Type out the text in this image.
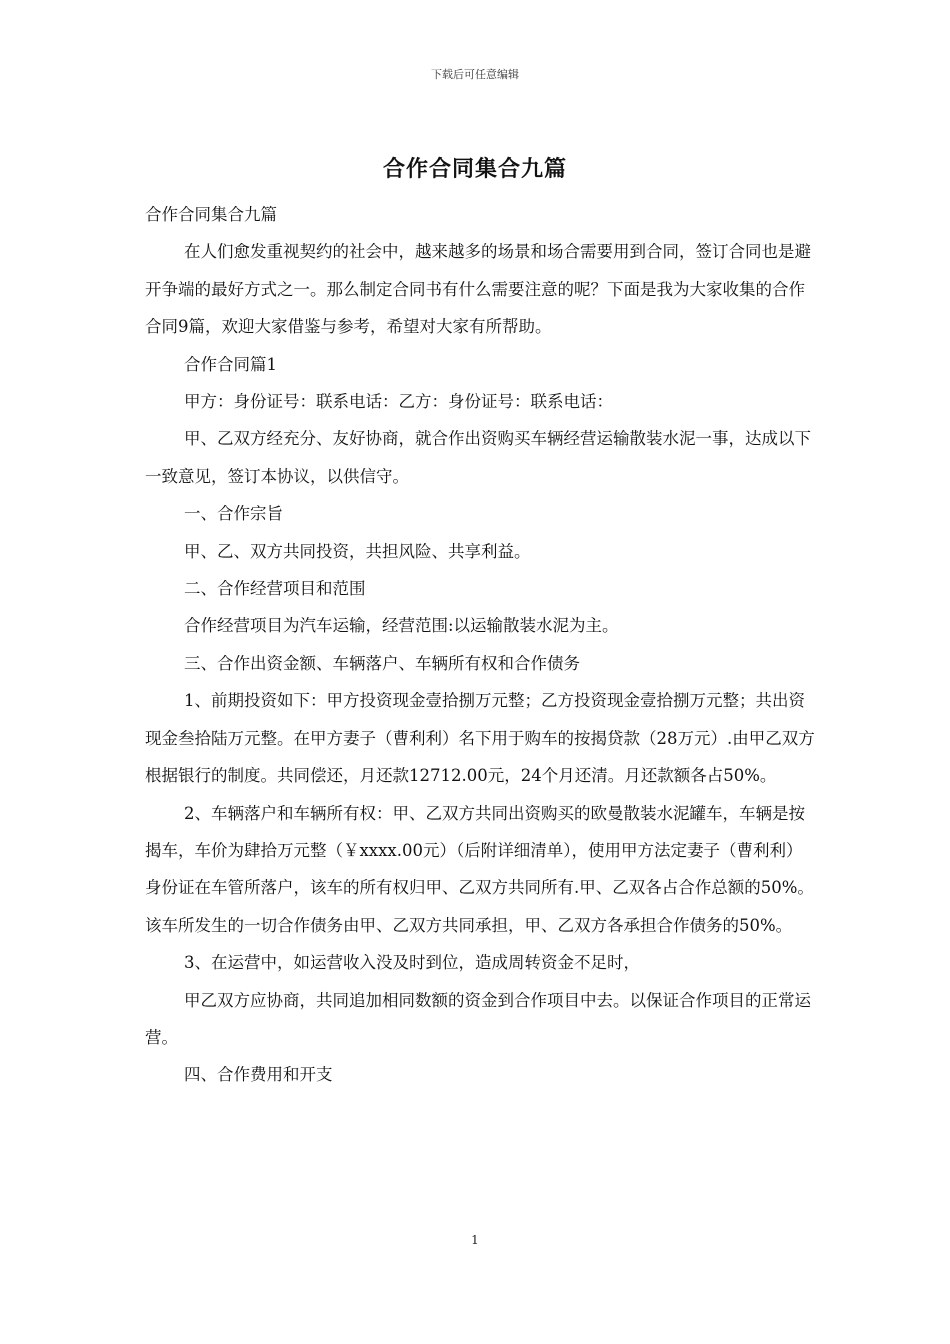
下载后可任意编辑
合作合同集合九篇

合作合同集合九篇

在人们愈发重视契约的社会中，越来越多的场景和场合需要用到合同，签订合同也是避开争端的最好方式之一。那么制定合同书有什么需要注意的呢？下面是我为大家收集的合作合同9篇，欢迎大家借鉴与参考，希望对大家有所帮助。

合作合同篇1

甲方：身份证号：联系电话：乙方：身份证号：联系电话：

甲、乙双方经充分、友好协商，就合作出资购买车辆经营运输散装水泥一事，达成以下一致意见，签订本协议，以供信守。

一、合作宗旨

甲、乙、双方共同投资，共担风险、共享利益。

二、合作经营项目和范围

合作经营项目为汽车运输，经营范围:以运输散装水泥为主。

三、合作出资金额、车辆落户、车辆所有权和合作债务

1、前期投资如下：甲方投资现金壹拾捌万元整；乙方投资现金壹拾捌万元整；共出资现金叁拾陆万元整。在甲方妻子（曹利利）名下用于购车的按揭贷款（28万元）.由甲乙双方根据银行的制度。共同偿还，月还款12712.00元，24个月还清。月还款额各占50%。

2、车辆落户和车辆所有权：甲、乙双方共同出资购买的欧曼散装水泥罐车，车辆是按揭车，车价为肆拾万元整（￥xxxx.00元）（后附详细清单），使用甲方法定妻子（曹利利）身份证在车管所落户，该车的所有权归甲、乙双方共同所有.甲、乙双各占合作总额的50%。该车所发生的一切合作债务由甲、乙双方共同承担，甲、乙双方各承担合作债务的50%。

3、在运营中，如运营收入没及时到位，造成周转资金不足时，

甲乙双方应协商，共同追加相同数额的资金到合作项目中去。以保证合作项目的正常运营。

四、合作费用和开支

1
